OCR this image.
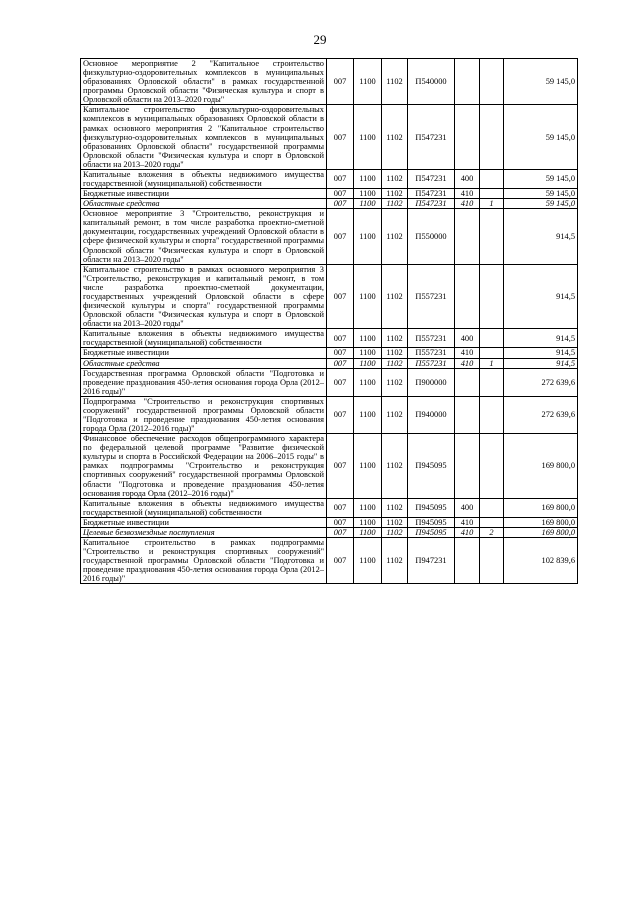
29
Основное мероприятие 2 "Капитальное строительство физкультурно-оздоровительных комплексов в муниципальных образованиях Орловской области" в рамках государственной программы Орловской области "Физическая культура и спорт в Орловской области на 2013–2020 годы"	007	1100	1102	П540000			59 145,0
Капитальное строительство физкультурно-оздоровительных комплексов в муниципальных образованиях Орловской области в рамках основного мероприятия 2 "Капитальное строительство физкультурно-оздоровительных комплексов в муниципальных образованиях Орловской области" государственной программы Орловской области "Физическая культура и спорт в Орловской области на 2013–2020 годы"	007	1100	1102	П547231			59 145,0
Капитальные вложения в объекты недвижимого имущества государственной (муниципальной) собственности	007	1100	1102	П547231	400		59 145,0
Бюджетные инвестиции	007	1100	1102	П547231	410		59 145,0
Областные средства	007	1100	1102	П547231	410	1	59 145,0
Основное мероприятие 3 "Строительство, реконструкция и капитальный ремонт, в том числе разработка проектно-сметной документации, государственных учреждений Орловской области в сфере физической культуры и спорта" государственной программы Орловской области "Физическая культура и спорт в Орловской области на 2013–2020 годы"	007	1100	1102	П550000			914,5
Капитальное строительство в рамках основного мероприятия 3 "Строительство, реконструкция и капитальный ремонт, в том числе разработка проектно-сметной документации, государственных учреждений Орловской области в сфере физической культуры и спорта" государственной программы Орловской области "Физическая культура и спорт в Орловской области на 2013–2020 годы"	007	1100	1102	П557231			914,5
Капитальные вложения в объекты недвижимого имущества государственной (муниципальной) собственности	007	1100	1102	П557231	400		914,5
Бюджетные инвестиции	007	1100	1102	П557231	410		914,5
Областные средства	007	1100	1102	П557231	410	1	914,5
Государственная программа Орловской области "Подготовка и проведение празднования 450-летия основания города Орла (2012–2016 годы)"	007	1100	1102	П900000			272 639,6
Подпрограмма "Строительство и реконструкция спортивных сооружений" государственной программы Орловской области "Подготовка и проведение празднования 450-летия основания города Орла (2012–2016 годы)"	007	1100	1102	П940000			272 639,6
Финансовое обеспечение расходов общепрограммного характера по федеральной целевой программе "Развитие физической культуры и спорта в Российской Федерации на 2006–2015 годы" в рамках подпрограммы "Строительство и реконструкция спортивных сооружений" государственной программы Орловской области "Подготовка и проведение празднования 450-летия основания города Орла (2012–2016 годы)"	007	1100	1102	П945095			169 800,0
Капитальные вложения в объекты недвижимого имущества государственной (муниципальной) собственности	007	1100	1102	П945095	400		169 800,0
Бюджетные инвестиции	007	1100	1102	П945095	410		169 800,0
Целевые безвозмездные поступления	007	1100	1102	П945095	410	2	169 800,0
Капитальное строительство в рамках подпрограммы "Строительство и реконструкция спортивных сооружений" государственной программы Орловской области "Подготовка и проведение празднования 450-летия основания города Орла (2012–2016 годы)"	007	1100	1102	П947231			102 839,6
